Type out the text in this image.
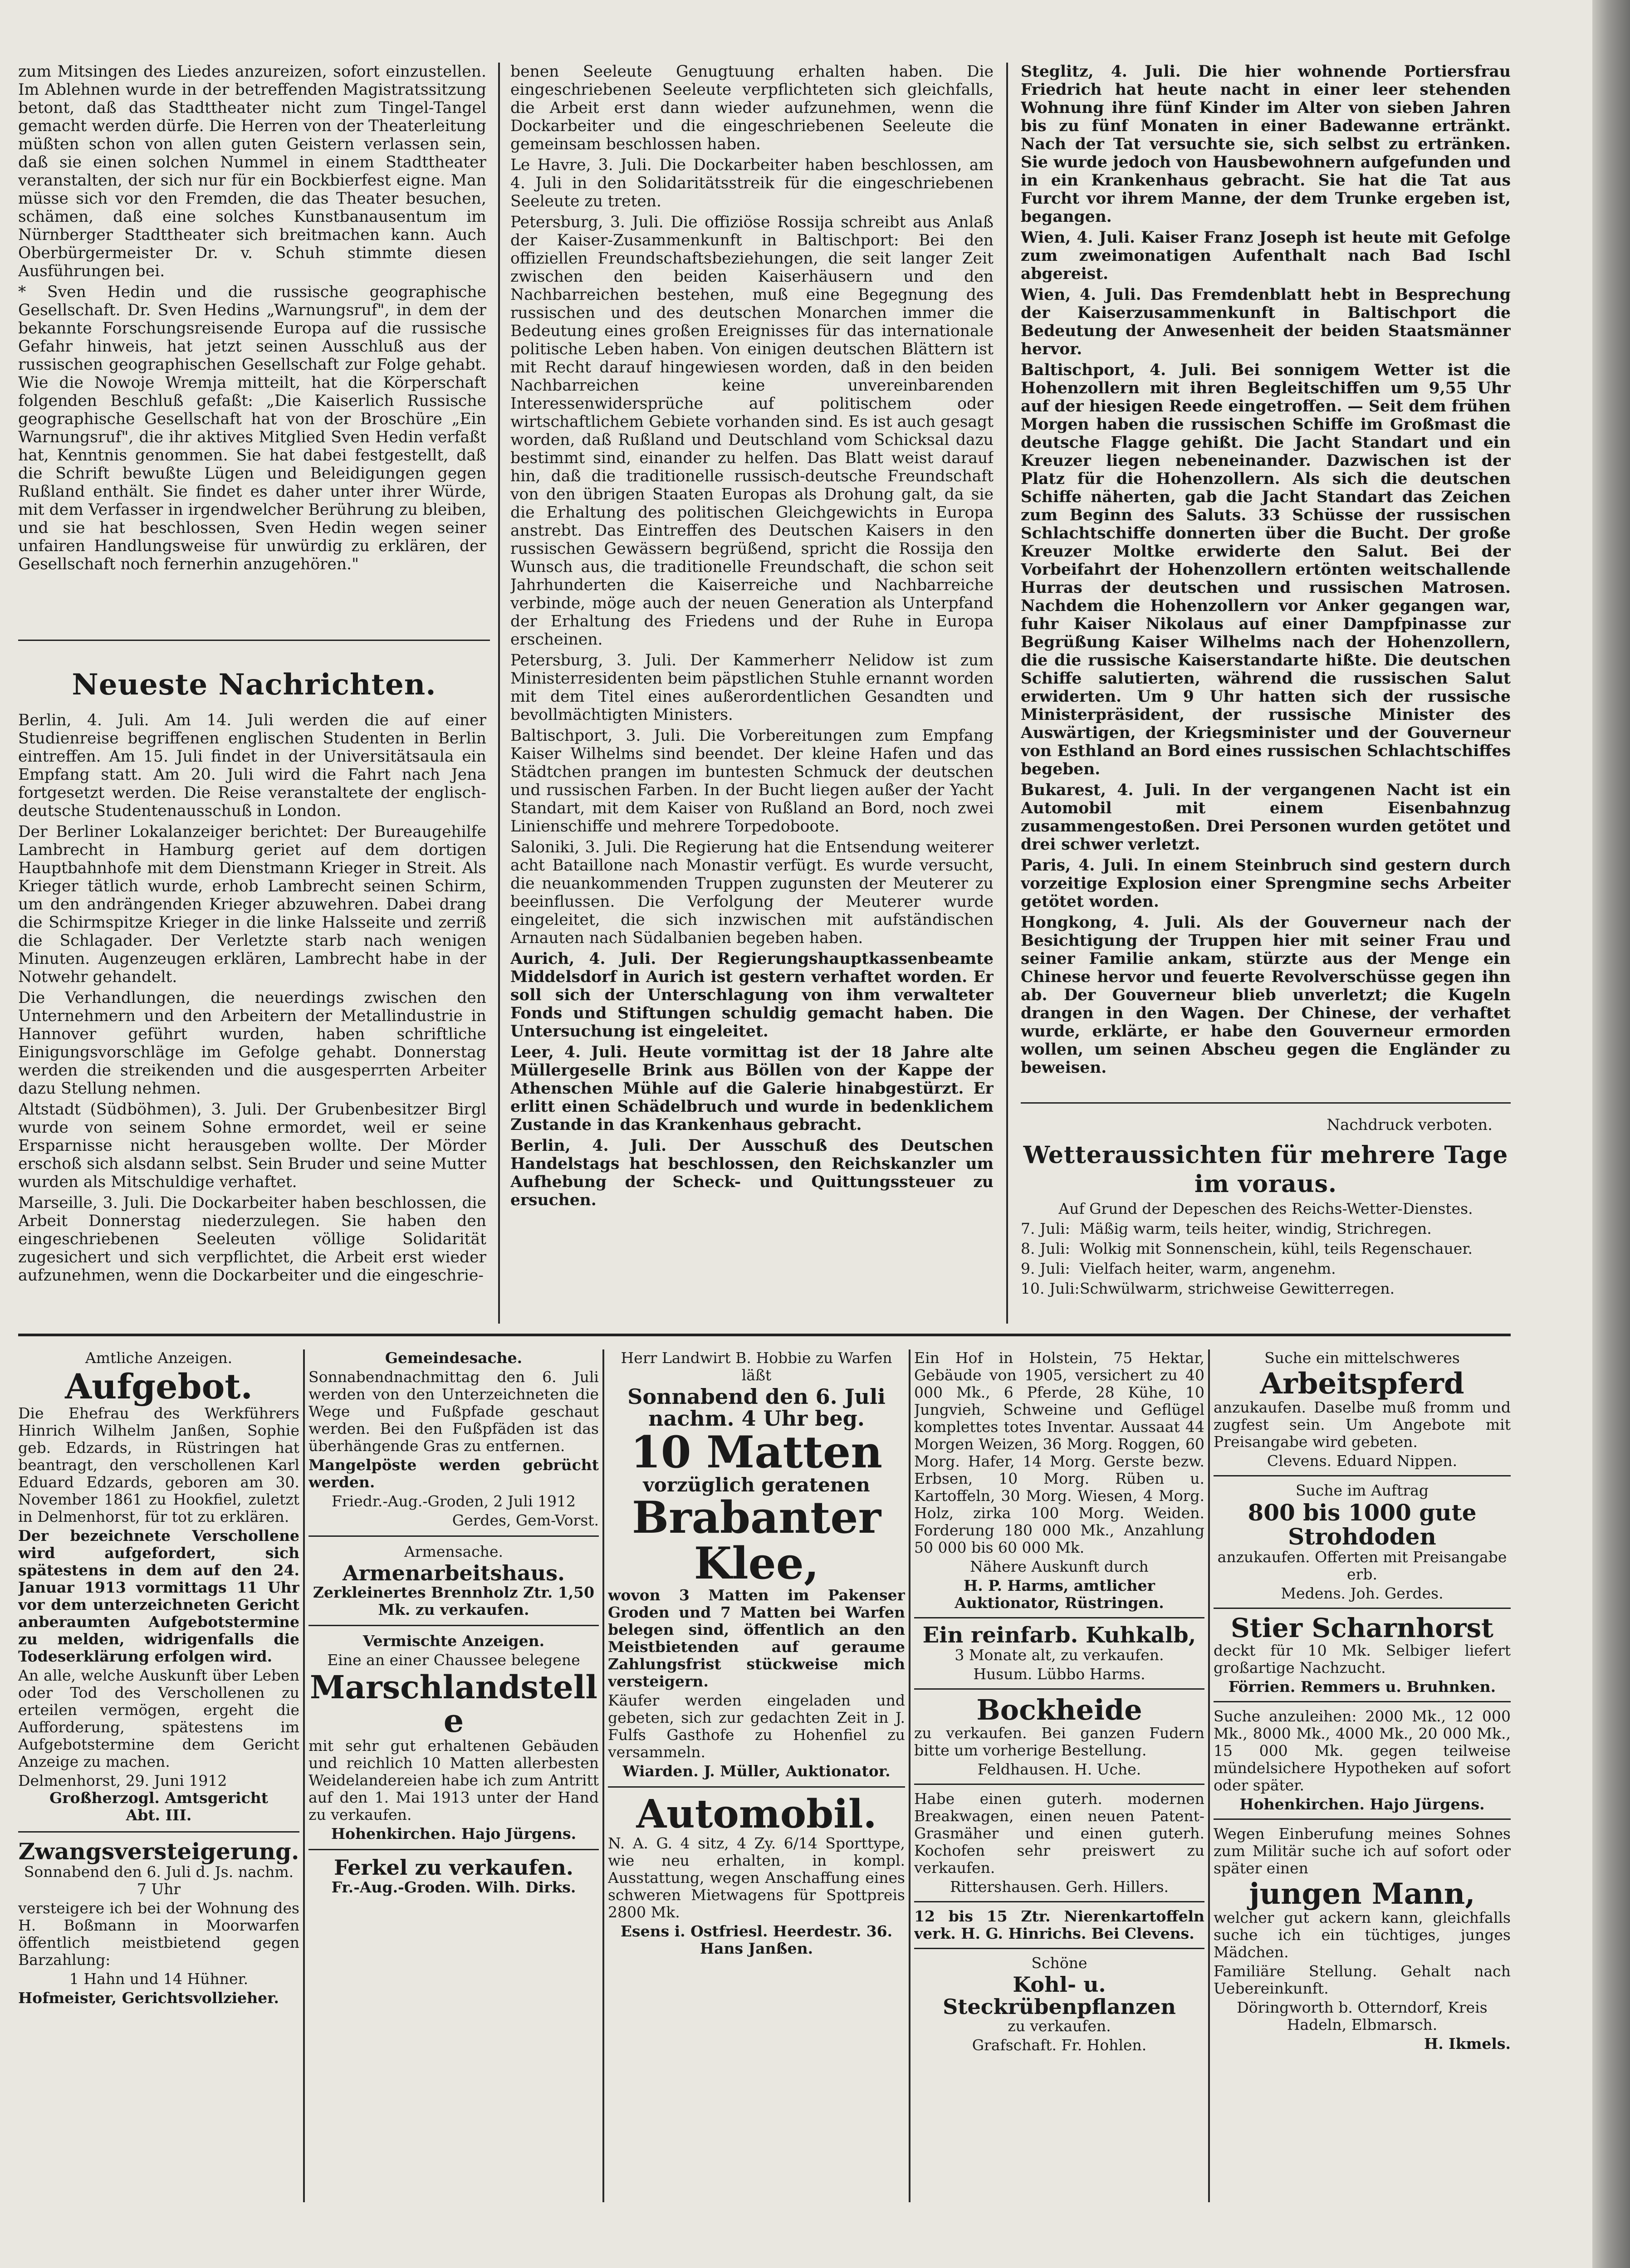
zum Mitsingen des Liedes anzureizen, sofort einzustellen. Im Ablehnen wurde in der betreffenden Magistratssitzung betont, daß das Stadttheater nicht zum Tingel-Tangel gemacht werden dürfe. Die Herren von der Theaterleitung müßten schon von allen guten Geistern verlassen sein, daß sie einen solchen Nummel in einem Stadttheater veranstalten, der sich nur für ein Bockbierfest eigne. Man müsse sich vor den Fremden, die das Theater besuchen, schämen, daß eine solches Kunstbanausentum im Nürnberger Stadttheater sich breitmachen kann. Auch Oberbürgermeister Dr. v. Schuh stimmte diesen Ausführungen bei.

* Sven Hedin und die russische geographische Gesellschaft. Dr. Sven Hedins „Warnungsruf", in dem der bekannte Forschungsreisende Europa auf die russische Gefahr hinweis, hat jetzt seinen Ausschluß aus der russischen geographischen Gesellschaft zur Folge gehabt. Wie die Nowoje Wremja mitteilt, hat die Körperschaft folgenden Beschluß gefaßt: „Die Kaiserlich Russische geographische Gesellschaft hat von der Broschüre „Ein Warnungsruf", die ihr aktives Mitglied Sven Hedin verfaßt hat, Kenntnis genommen. Sie hat dabei festgestellt, daß die Schrift bewußte Lügen und Beleidigungen gegen Rußland enthält. Sie findet es daher unter ihrer Würde, mit dem Verfasser in irgendwelcher Berührung zu bleiben, und sie hat beschlossen, Sven Hedin wegen seiner unfairen Handlungsweise für unwürdig zu erklären, der Gesellschaft noch fernerhin anzugehören."

Neueste Nachrichten.

Berlin, 4. Juli. Am 14. Juli werden die auf einer Studienreise begriffenen englischen Studenten in Berlin eintreffen. Am 15. Juli findet in der Universitätsaula ein Empfang statt. Am 20. Juli wird die Fahrt nach Jena fortgesetzt werden. Die Reise veranstaltete der englisch-deutsche Studentenausschuß in London.

Der Berliner Lokalanzeiger berichtet: Der Bureaugehilfe Lambrecht in Hamburg geriet auf dem dortigen Hauptbahnhofe mit dem Dienstmann Krieger in Streit. Als Krieger tätlich wurde, erhob Lambrecht seinen Schirm, um den andrängenden Krieger abzuwehren. Dabei drang die Schirmspitze Krieger in die linke Halsseite und zerriß die Schlagader. Der Verletzte starb nach wenigen Minuten. Augenzeugen erklären, Lambrecht habe in der Notwehr gehandelt.

Die Verhandlungen, die neuerdings zwischen den Unternehmern und den Arbeitern der Metallindustrie in Hannover geführt wurden, haben schriftliche Einigungsvorschläge im Gefolge gehabt. Donnerstag werden die streikenden und die ausgesperrten Arbeiter dazu Stellung nehmen.

Altstadt (Südböhmen), 3. Juli. Der Grubenbesitzer Birgl wurde von seinem Sohne ermordet, weil er seine Ersparnisse nicht herausgeben wollte. Der Mörder erschoß sich alsdann selbst. Sein Bruder und seine Mutter wurden als Mitschuldige verhaftet.

Marseille, 3. Juli. Die Dockarbeiter haben beschlossen, die Arbeit Donnerstag niederzulegen. Sie haben den eingeschriebenen Seeleuten völlige Solidarität zugesichert und sich verpflichtet, die Arbeit erst wieder aufzunehmen, wenn die Dockarbeiter und die eingeschrie-

benen Seeleute Genugtuung erhalten haben. Die eingeschriebenen Seeleute verpflichteten sich gleichfalls, die Arbeit erst dann wieder aufzunehmen, wenn die Dockarbeiter und die eingeschriebenen Seeleute die gemeinsam beschlossen haben.

Le Havre, 3. Juli. Die Dockarbeiter haben beschlossen, am 4. Juli in den Solidaritätsstreik für die eingeschriebenen Seeleute zu treten.

Petersburg, 3. Juli. Die offiziöse Rossija schreibt aus Anlaß der Kaiser-Zusammenkunft in Baltischport: Bei den offiziellen Freundschaftsbeziehungen, die seit langer Zeit zwischen den beiden Kaiserhäusern und den Nachbarreichen bestehen, muß eine Begegnung des russischen und des deutschen Monarchen immer die Bedeutung eines großen Ereignisses für das internationale politische Leben haben. Von einigen deutschen Blättern ist mit Recht darauf hingewiesen worden, daß in den beiden Nachbarreichen keine unvereinbarenden Interessenwidersprüche auf politischem oder wirtschaftlichem Gebiete vorhanden sind. Es ist auch gesagt worden, daß Rußland und Deutschland vom Schicksal dazu bestimmt sind, einander zu helfen. Das Blatt weist darauf hin, daß die traditionelle russisch-deutsche Freundschaft von den übrigen Staaten Europas als Drohung galt, da sie die Erhaltung des politischen Gleichgewichts in Europa anstrebt. Das Eintreffen des Deutschen Kaisers in den russischen Gewässern begrüßend, spricht die Rossija den Wunsch aus, die traditionelle Freundschaft, die schon seit Jahrhunderten die Kaiserreiche und Nachbarreiche verbinde, möge auch der neuen Generation als Unterpfand der Erhaltung des Friedens und der Ruhe in Europa erscheinen.

Petersburg, 3. Juli. Der Kammerherr Nelidow ist zum Ministerresidenten beim päpstlichen Stuhle ernannt worden mit dem Titel eines außerordentlichen Gesandten und bevollmächtigten Ministers.

Baltischport, 3. Juli. Die Vorbereitungen zum Empfang Kaiser Wilhelms sind beendet. Der kleine Hafen und das Städtchen prangen im buntesten Schmuck der deutschen und russischen Farben. In der Bucht liegen außer der Yacht Standart, mit dem Kaiser von Rußland an Bord, noch zwei Linienschiffe und mehrere Torpedoboote.

Saloniki, 3. Juli. Die Regierung hat die Entsendung weiterer acht Bataillone nach Monastir verfügt. Es wurde versucht, die neuankommenden Truppen zugunsten der Meuterer zu beeinflussen. Die Verfolgung der Meuterer wurde eingeleitet, die sich inzwischen mit aufständischen Arnauten nach Südalbanien begeben haben.

Aurich, 4. Juli. Der Regierungshauptkassenbeamte Middelsdorf in Aurich ist gestern verhaftet worden. Er soll sich der Unterschlagung von ihm verwalteter Fonds und Stiftungen schuldig gemacht haben. Die Untersuchung ist eingeleitet.

Leer, 4. Juli. Heute vormittag ist der 18 Jahre alte Müllergeselle Brink aus Böllen von der Kappe der Athenschen Mühle auf die Galerie hinabgestürzt. Er erlitt einen Schädelbruch und wurde in bedenklichem Zustande in das Krankenhaus gebracht.

Berlin, 4. Juli. Der Ausschuß des Deutschen Handelstags hat beschlossen, den Reichskanzler um Aufhebung der Scheck- und Quittungssteuer zu ersuchen.

Steglitz, 4. Juli. Die hier wohnende Portiersfrau Friedrich hat heute nacht in einer leer stehenden Wohnung ihre fünf Kinder im Alter von sieben Jahren bis zu fünf Monaten in einer Badewanne ertränkt. Nach der Tat versuchte sie, sich selbst zu ertränken. Sie wurde jedoch von Hausbewohnern aufgefunden und in ein Krankenhaus gebracht. Sie hat die Tat aus Furcht vor ihrem Manne, der dem Trunke ergeben ist, begangen.

Wien, 4. Juli. Kaiser Franz Joseph ist heute mit Gefolge zum zweimonatigen Aufenthalt nach Bad Ischl abgereist.

Wien, 4. Juli. Das Fremdenblatt hebt in Besprechung der Kaiserzusammenkunft in Baltischport die Bedeutung der Anwesenheit der beiden Staatsmänner hervor.

Baltischport, 4. Juli. Bei sonnigem Wetter ist die Hohenzollern mit ihren Begleitschiffen um 9,55 Uhr auf der hiesigen Reede eingetroffen. — Seit dem frühen Morgen haben die russischen Schiffe im Großmast die deutsche Flagge gehißt. Die Jacht Standart und ein Kreuzer liegen nebeneinander. Dazwischen ist der Platz für die Hohenzollern. Als sich die deutschen Schiffe näherten, gab die Jacht Standart das Zeichen zum Beginn des Saluts. 33 Schüsse der russischen Schlachtschiffe donnerten über die Bucht. Der große Kreuzer Moltke erwiderte den Salut. Bei der Vorbeifahrt der Hohenzollern ertönten weitschallende Hurras der deutschen und russischen Matrosen. Nachdem die Hohenzollern vor Anker gegangen war, fuhr Kaiser Nikolaus auf einer Dampfpinasse zur Begrüßung Kaiser Wilhelms nach der Hohenzollern, die die russische Kaiserstandarte hißte. Die deutschen Schiffe salutierten, während die russischen Salut erwiderten. Um 9 Uhr hatten sich der russische Ministerpräsident, der russische Minister des Auswärtigen, der Kriegsminister und der Gouverneur von Esthland an Bord eines russischen Schlachtschiffes begeben.

Bukarest, 4. Juli. In der vergangenen Nacht ist ein Automobil mit einem Eisenbahnzug zusammengestoßen. Drei Personen wurden getötet und drei schwer verletzt.

Paris, 4. Juli. In einem Steinbruch sind gestern durch vorzeitige Explosion einer Sprengmine sechs Arbeiter getötet worden.

Hongkong, 4. Juli. Als der Gouverneur nach der Besichtigung der Truppen hier mit seiner Frau und seiner Familie ankam, stürzte aus der Menge ein Chinese hervor und feuerte Revolverschüsse gegen ihn ab. Der Gouverneur blieb unverletzt; die Kugeln drangen in den Wagen. Der Chinese, der verhaftet wurde, erklärte, er habe den Gouverneur ermorden wollen, um seinen Abscheu gegen die Engländer zu beweisen.

Nachdruck verboten.
Wetteraussichten für mehrere Tage im voraus.
Auf Grund der Depeschen des Reichs-Wetter-Dienstes.
7. Juli: Mäßig warm, teils heiter, windig, Strichregen.
8. Juli: Wolkig mit Sonnenschein, kühl, teils Regenschauer.
9. Juli: Vielfach heiter, warm, angenehm.
10. Juli: Schwülwarm, strichweise Gewitterregen.
Amtliche Anzeigen.
Aufgebot.

Die Ehefrau des Werkführers Hinrich Wilhelm Janßen, Sophie geb. Edzards, in Rüstringen hat beantragt, den verschollenen Karl Eduard Edzards, geboren am 30. November 1861 zu Hookfiel, zuletzt in Delmenhorst, für tot zu erklären.

Der bezeichnete Verschollene wird aufgefordert, sich spätestens in dem auf den 24. Januar 1913 vormittags 11 Uhr vor dem unterzeichneten Gericht anberaumten Aufgebotstermine zu melden, widrigenfalls die Todeserklärung erfolgen wird.

An alle, welche Auskunft über Leben oder Tod des Verschollenen zu erteilen vermögen, ergeht die Aufforderung, spätestens im Aufgebotstermine dem Gericht Anzeige zu machen.

Delmenhorst, 29. Juni 1912
Großherzogl. Amtsgericht
Abt. III.
Zwangsversteigerung.
Sonnabend den 6. Juli d. Js. nachm. 7 Uhr

versteigere ich bei der Wohnung des H. Boßmann in Moorwarfen öffentlich meistbietend gegen Barzahlung:

1 Hahn und 14 Hühner.
Hofmeister, Gerichtsvollzieher.
Gemeindesache.

Sonnabendnachmittag den 6. Juli werden von den Unterzeichneten die Wege und Fußpfade geschaut werden. Bei den Fußpfäden ist das überhängende Gras zu entfernen.

Mangelpöste werden gebrücht werden.

Friedr.-Aug.-Groden, 2 Juli 1912
Gerdes, Gem-Vorst.
Armensache.
Armenarbeitshaus.
Zerkleinertes Brennholz Ztr. 1,50 Mk. zu verkaufen.
Vermischte Anzeigen.
Eine an einer Chaussee belegene
Marschlandstelle

mit sehr gut erhaltenen Gebäuden und reichlich 10 Matten allerbesten Weidelandereien habe ich zum Antritt auf den 1. Mai 1913 unter der Hand zu verkaufen.

Hohenkirchen. Hajo Jürgens.
Ferkel zu verkaufen.
Fr.-Aug.-Groden. Wilh. Dirks.
Herr Landwirt B. Hobbie zu Warfen läßt
Sonnabend den 6. Juli nachm. 4 Uhr beg.
10 Matten
vorzüglich geratenen
Brabanter Klee,

wovon 3 Matten im Pakenser Groden und 7 Matten bei Warfen belegen sind, öffentlich an den Meistbietenden auf geraume Zahlungsfrist stückweise mich versteigern.

Käufer werden eingeladen und gebeten, sich zur gedachten Zeit in J. Fulfs Gasthofe zu Hohenfiel zu versammeln.

Wiarden. J. Müller, Auktionator.
Automobil.

N. A. G. 4 sitz, 4 Zy. 6/14 Sporttype, wie neu erhalten, in kompl. Ausstattung, wegen Anschaffung eines schweren Mietwagens für Spottpreis 2800 Mk.

Esens i. Ostfriesl. Heerdestr. 36. Hans Janßen.

Ein Hof in Holstein, 75 Hektar, Gebäude von 1905, versichert zu 40 000 Mk., 6 Pferde, 28 Kühe, 10 Jungvieh, Schweine und Geflügel komplettes totes Inventar. Aussaat 44 Morgen Weizen, 36 Morg. Roggen, 60 Morg. Hafer, 14 Morg. Gerste bezw. Erbsen, 10 Morg. Rüben u. Kartoffeln, 30 Morg. Wiesen, 4 Morg. Holz, zirka 100 Morg. Weiden. Forderung 180 000 Mk., Anzahlung 50 000 bis 60 000 Mk.

Nähere Auskunft durch
H. P. Harms, amtlicher Auktionator, Rüstringen.
Ein reinfarb. Kuhkalb,
3 Monate alt, zu verkaufen.
Husum. Lübbo Harms.
Bockheide

zu verkaufen. Bei ganzen Fudern bitte um vorherige Bestellung.

Feldhausen. H. Uche.

Habe einen guterh. modernen Breakwagen, einen neuen Patent-Grasmäher und einen guterh. Kochofen sehr preiswert zu verkaufen.

Rittershausen. Gerh. Hillers.

12 bis 15 Ztr. Nierenkartoffeln verk. H. G. Hinrichs. Bei Clevens.

Schöne
Kohl- u. Steckrübenpflanzen
zu verkaufen.
Grafschaft. Fr. Hohlen.
Suche ein mittelschweres
Arbeitspferd

anzukaufen. Daselbe muß fromm und zugfest sein. Um Angebote mit Preisangabe wird gebeten.

Clevens. Eduard Nippen.
Suche im Auftrag
800 bis 1000 gute Strohdoden
anzukaufen. Offerten mit Preisangabe erb.
Medens. Joh. Gerdes.
Stier Scharnhorst

deckt für 10 Mk. Selbiger liefert großartige Nachzucht.

Förrien. Remmers u. Bruhnken.

Suche anzuleihen: 2000 Mk., 12 000 Mk., 8000 Mk., 4000 Mk., 20 000 Mk., 15 000 Mk. gegen teilweise mündelsichere Hypotheken auf sofort oder später.

Hohenkirchen. Hajo Jürgens.

Wegen Einberufung meines Sohnes zum Militär suche ich auf sofort oder später einen

jungen Mann,

welcher gut ackern kann, gleichfalls suche ich ein tüchtiges, junges Mädchen.

Familiäre Stellung. Gehalt nach Uebereinkunft.

Döringworth b. Otterndorf, Kreis Hadeln, Elbmarsch.
H. Ikmels.
